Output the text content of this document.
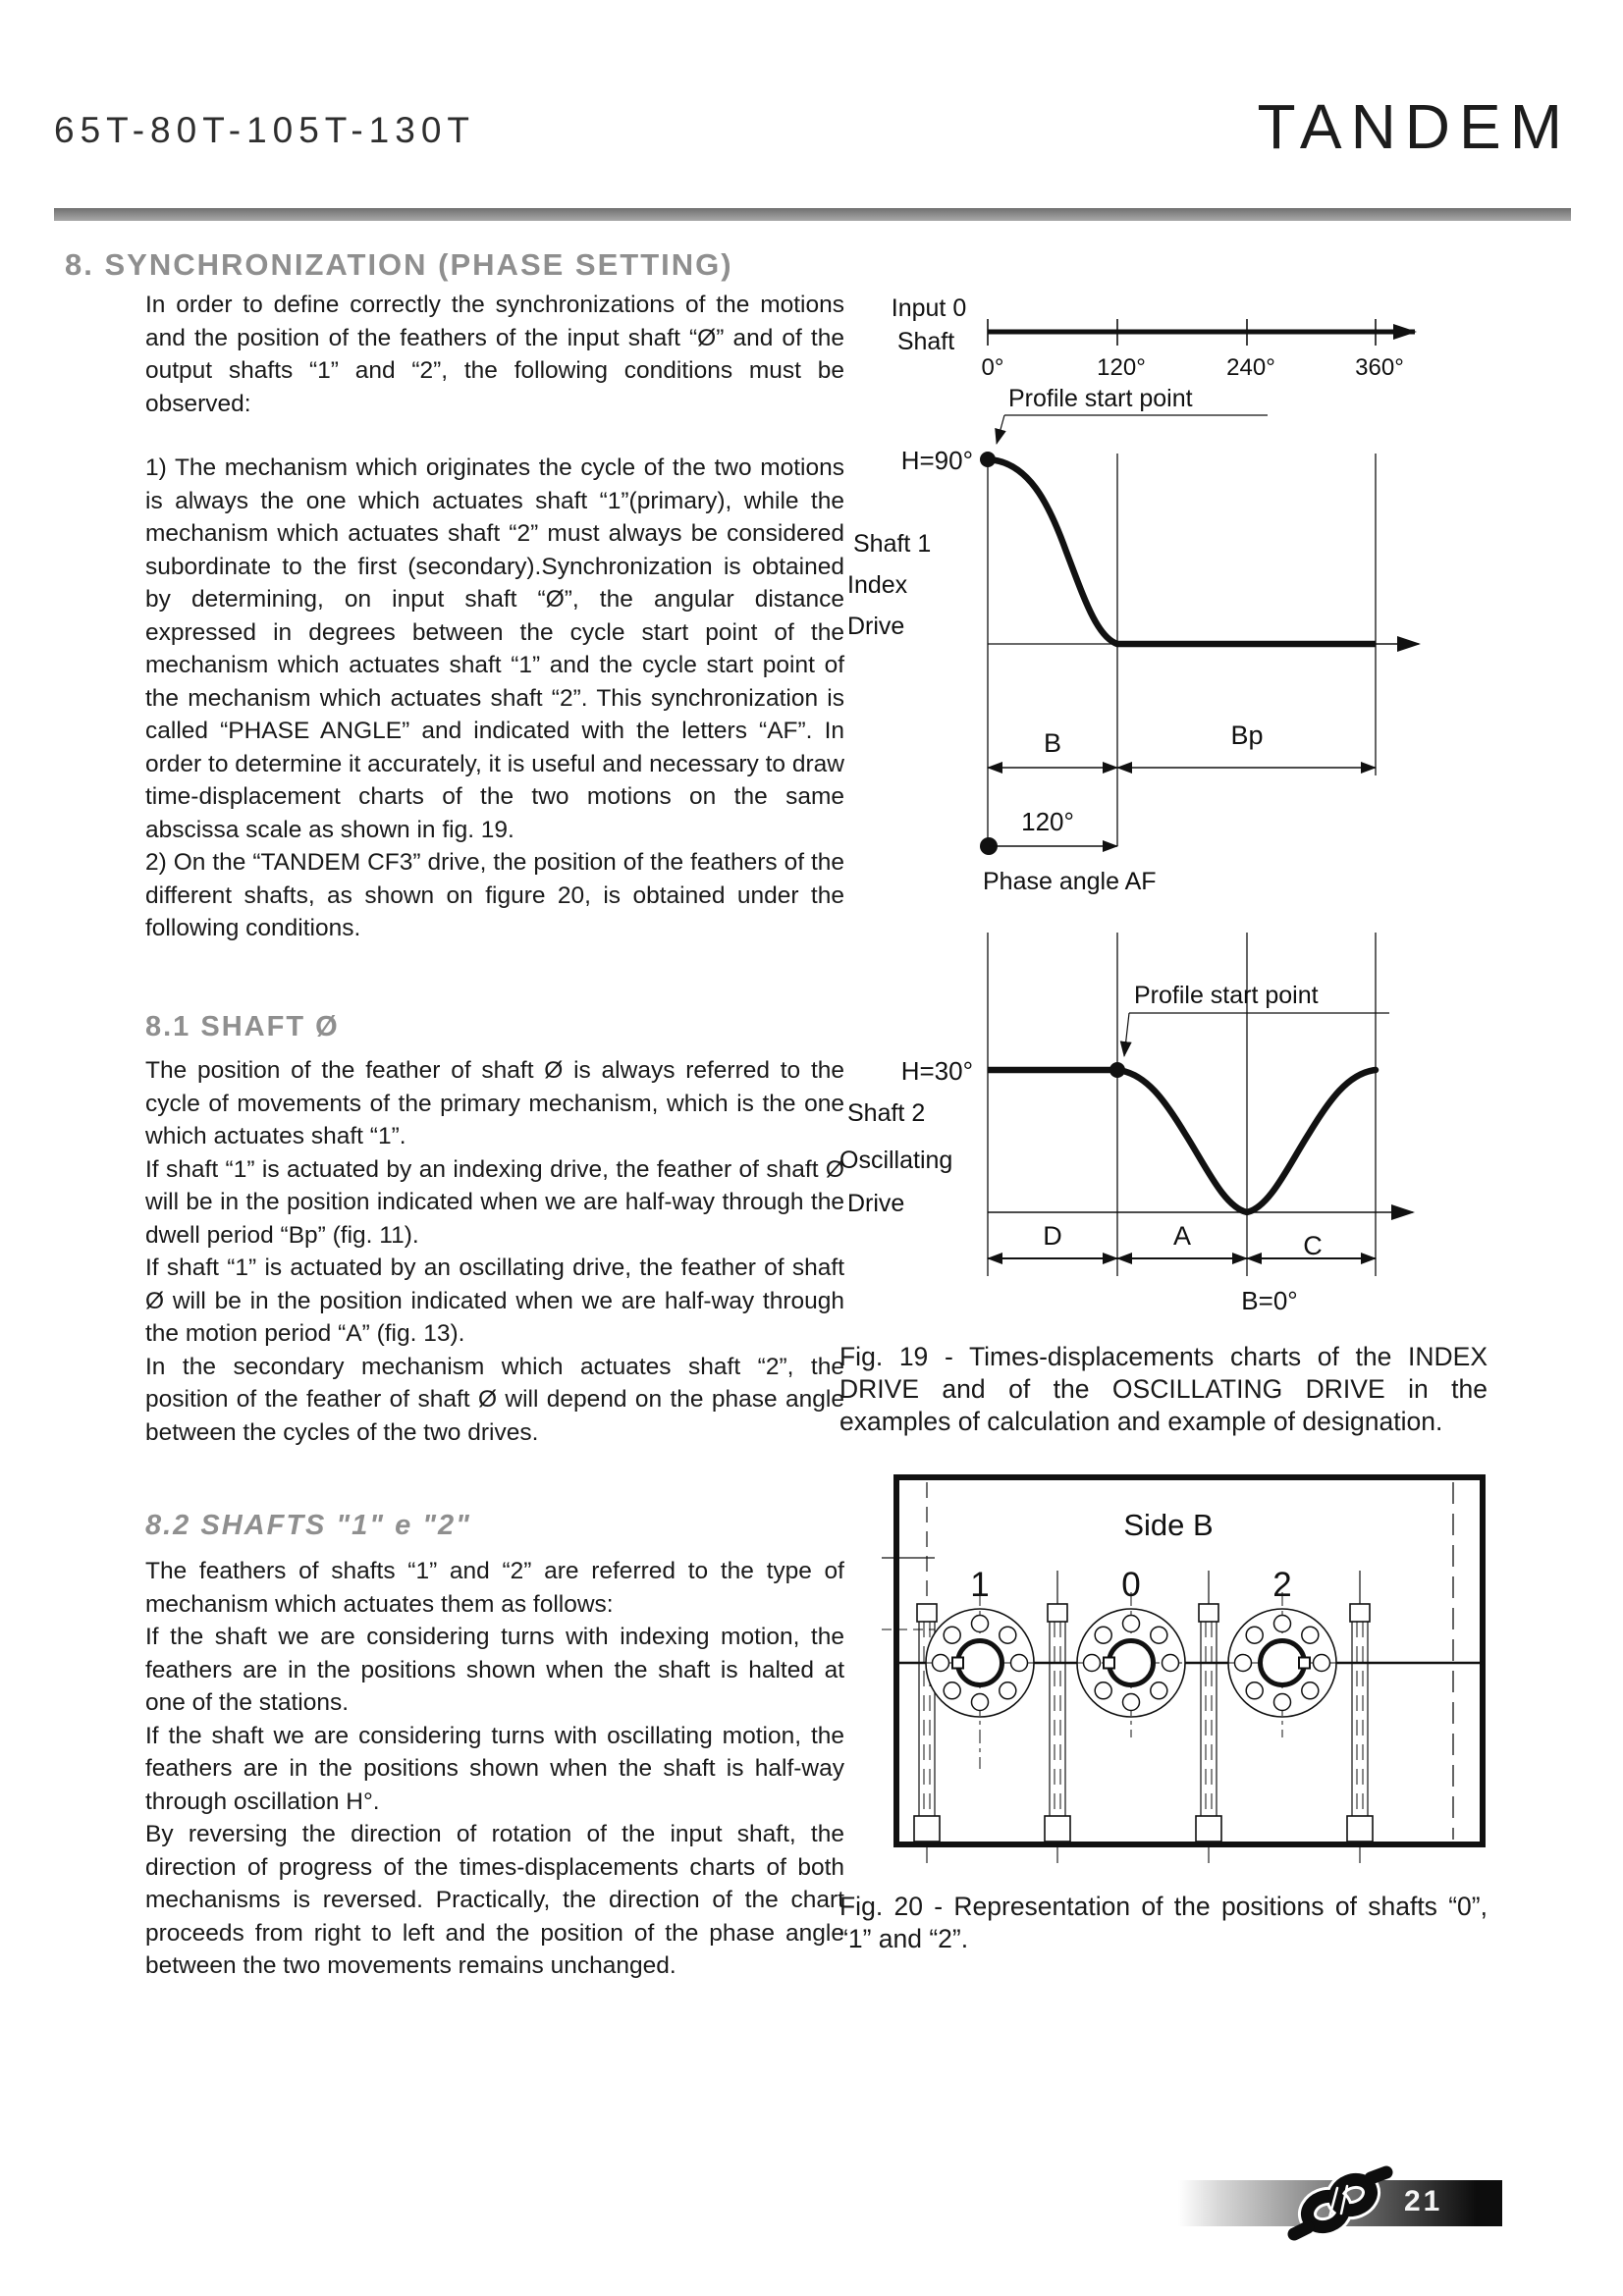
65T-80T-105T-130T	TANDEM
8. SYNCHRONIZATION (PHASE SETTING)

In order to define correctly the synchronizations of the motions and the position of the feathers of the input shaft “Ø” and of the output shafts “1” and “2”, the following conditions must be observed:

1) The mechanism which originates the cycle of the two motions is always the one which actuates shaft “1”(primary), while the mechanism which actuates shaft “2” must always be considered subordinate to the first (secondary).Synchronization is obtained by determining, on input shaft “Ø”, the angular distance expressed in degrees between the cycle start point of the mechanism which actuates shaft “1” and the cycle start point of the mechanism which actuates shaft “2”. This synchronization is called “PHASE ANGLE” and indicated with the letters “AF”. In order to determine it accurately, it is useful and necessary to draw time-displacement charts of the two motions on the same abscissa scale as shown in fig. 19.

2) On the “TANDEM CF3” drive, the position of the feathers of the different shafts, as shown on figure 20, is obtained under the following conditions.

8.1 SHAFT Ø

The position of the feather of shaft Ø is always referred to the cycle of movements of the primary mechanism, which is the one which actuates shaft “1”.

If shaft “1” is actuated by an indexing drive, the feather of shaft Ø will be in the position indicated when we are half-way through the dwell period “Bp” (fig. 11).

If shaft “1” is actuated by an oscillating drive, the feather of shaft Ø will be in the position indicated when we are half-way through the motion period “A” (fig. 13).

In the secondary mechanism which actuates shaft “2”, the position of the feather of shaft Ø will depend on the phase angle between the cycles of the two drives.

8.2 SHAFTS "1" e "2"

The feathers of shafts “1” and “2” are referred to the type of mechanism which actuates them as follows:

If the shaft we are considering turns with indexing motion, the feathers are in the positions shown when the shaft is halted at one of the stations.

If the shaft we are considering turns with oscillating motion, the feathers are in the positions shown when the shaft is half-way through oscillation H°.

By reversing the direction of rotation of the input shaft, the direction of progress of the times-displacements charts of both mechanisms is reversed. Practically, the direction of the chart proceeds from right to left and the position of the phase angle between the two movements remains unchanged.

Input 0
Shaft
0°	120°	240°	360°
Profile start point
H=90°
Shaft 1
Index
Drive
B	Bp
120°
Phase angle AF
Profile start point
H=30°
Shaft 2
Oscillating
Drive
D	A	C
B=0°

Fig. 19 - Times-displacements charts of the INDEX DRIVE and of the OSCILLATING DRIVE in the examples of calculation and example of designation.

Side B
1	0	2

Fig. 20 - Representation of the positions of shafts “0”, “1” and “2”.

21
